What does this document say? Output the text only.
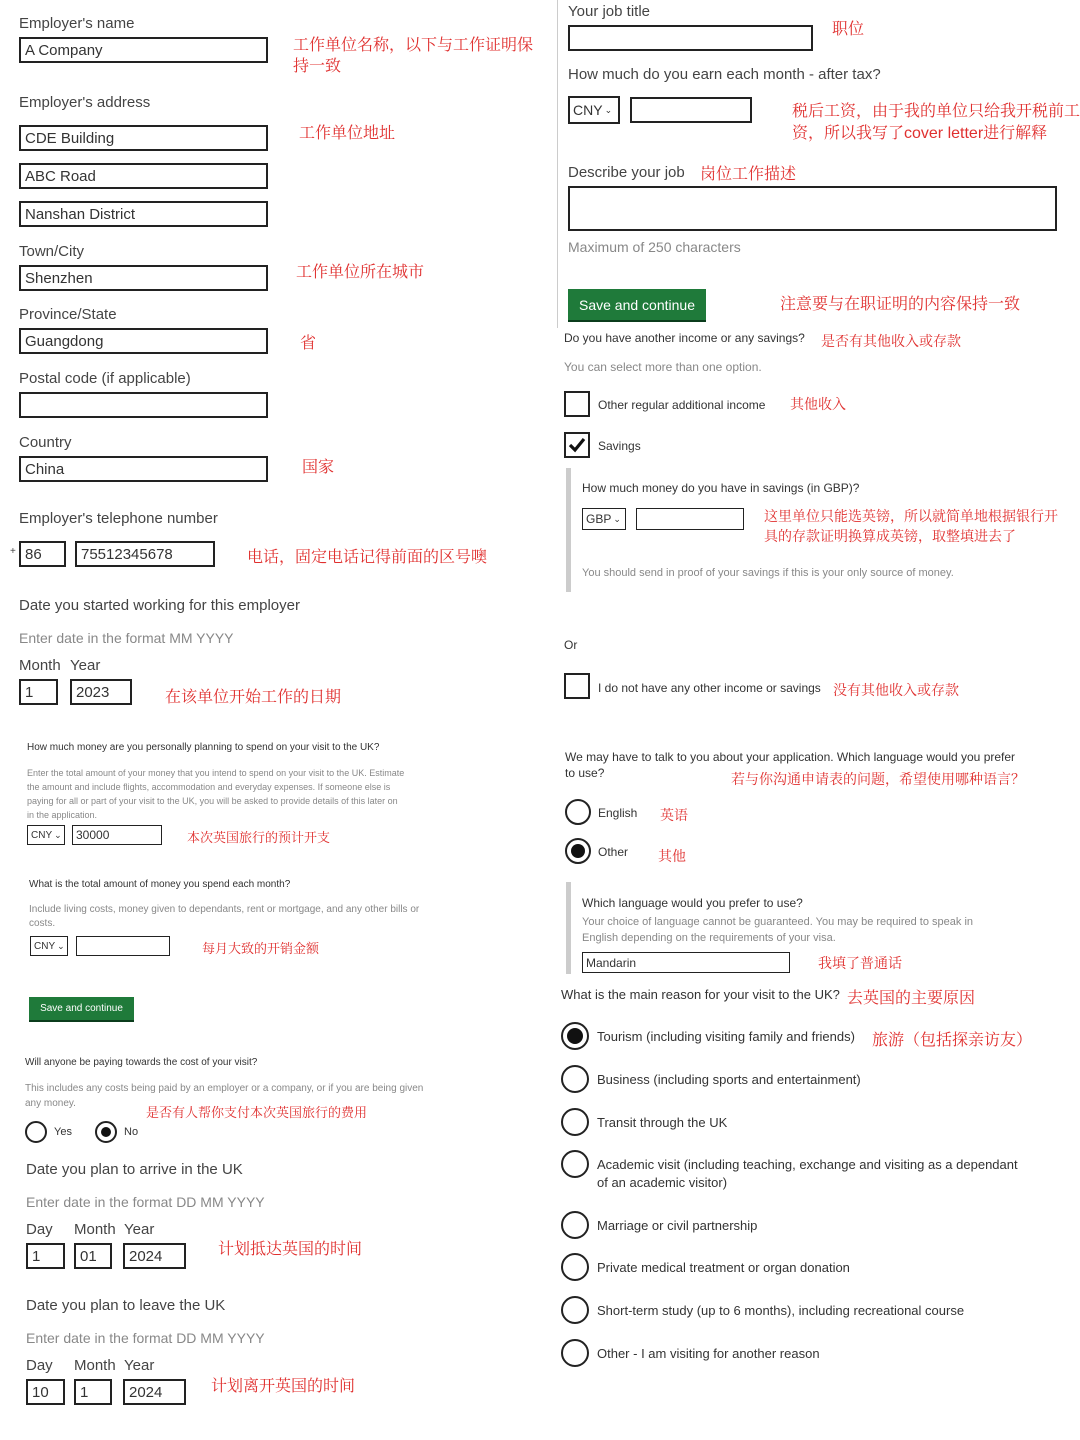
Employer's name
A Company	工作单位名称，以下与工作证明保持一致
Employer's address
CDE Building	工作单位地址
ABC Road
Nanshan District
Town/City
Shenzhen	工作单位所在城市
Province/State
Guangdong	省
Postal code (if applicable)
Country
China	国家
Employer's telephone number
+ 86	75512345678	电话，固定电话记得前面的区号噢
Date you started working for this employer
Enter date in the format MM YYYY
Month Year
1	2023	在该单位开始工作的日期
How much money are you personally planning to spend on your visit to the UK?
Enter the total amount of your money that you intend to spend on your visit to the UK. Estimate the amount and include flights, accommodation and everyday expenses. If someone else is paying for all or part of your visit to the UK, you will be asked to provide details of this later on in the application.
CNY ⌄	30000	本次英国旅行的预计开支
What is the total amount of money you spend each month?
Include living costs, money given to dependants, rent or mortgage, and any other bills or costs.
CNY ⌄	每月大致的开销金额
Save and continue
Will anyone be paying towards the cost of your visit?
This includes any costs being paid by an employer or a company, or if you are being given any money.
是否有人帮你支付本次英国旅行的费用
Yes	No
Date you plan to arrive in the UK
Enter date in the format DD MM YYYY
Day Month Year
1	01	2024	计划抵达英国的时间
Date you plan to leave the UK
Enter date in the format DD MM YYYY
Day Month Year
10	1	2024	计划离开英国的时间
Your job title
职位
How much do you earn each month - after tax?
CNY ⌄	税后工资，由于我的单位只给我开税前工
资，所以我写了cover letter进行解释
Describe your job 岗位工作描述
Maximum of 250 characters
Save and continue	注意要与在职证明的内容保持一致
Do you have another income or any savings? 是否有其他收入或存款
You can select more than one option.
Other regular additional income 其他收入
Savings
How much money do you have in savings (in GBP)?
GBP ⌄	这里单位只能选英镑，所以就简单地根据银行开
具的存款证明换算成英镑，取整填进去了
You should send in proof of your savings if this is your only source of money.
Or
I do not have any other income or savings 没有其他收入或存款
We may have to talk to you about your application. Which language would you prefer
to use?	若与你沟通申请表的问题，希望使用哪种语言？
English 英语
Other 其他
Which language would you prefer to use?
Your choice of language cannot be guaranteed. You may be required to speak in
English depending on the requirements of your visa.
Mandarin	我填了普通话
What is the main reason for your visit to the UK? 去英国的主要原因
Tourism (including visiting family and friends) 旅游（包括探亲访友）
Business (including sports and entertainment)
Transit through the UK
Academic visit (including teaching, exchange and visiting as a dependant
of an academic visitor)
Marriage or civil partnership
Private medical treatment or organ donation
Short-term study (up to 6 months), including recreational course
Other - I am visiting for another reason
